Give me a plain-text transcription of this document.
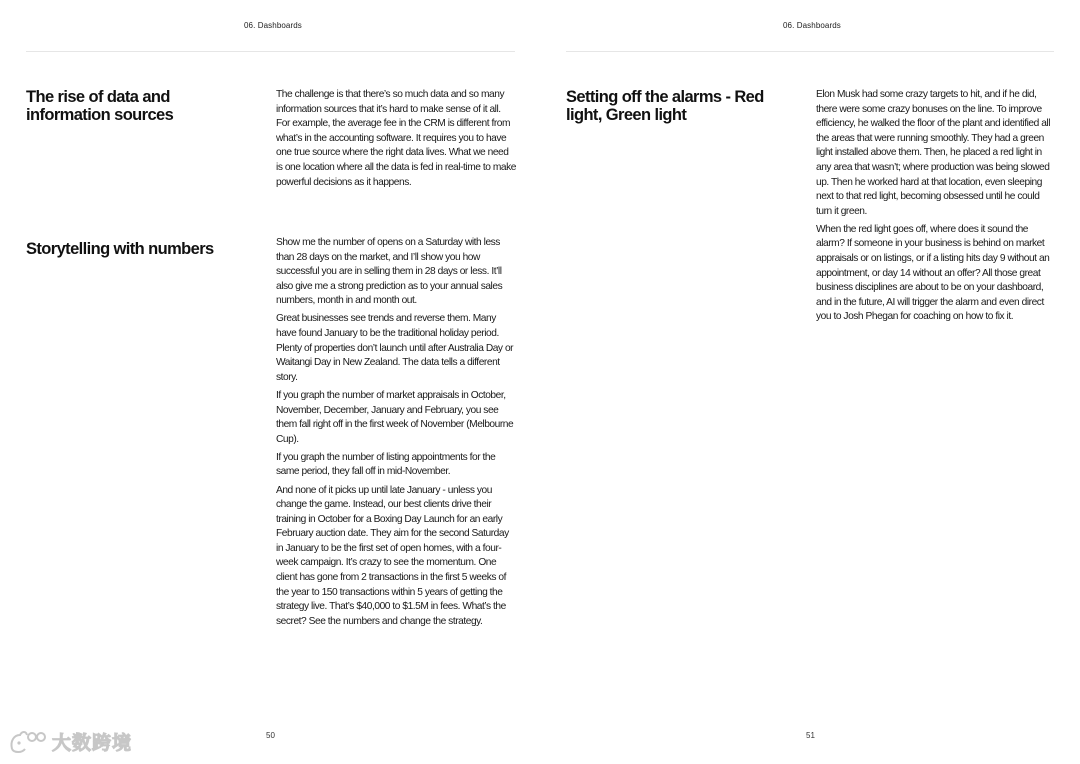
06. Dashboards
The rise of data and information sources

The challenge is that there’s so much data and so many information sources that it’s hard to make sense of it all. For example, the average fee in the CRM is different from what’s in the accounting software. It requires you to have one true source where the right data lives. What we need is one location where all the data is fed in real-time to make powerful decisions as it happens.

Storytelling with numbers	Show me the number of opens on a Saturday with less than 28 days on the market, and I’ll show you how successful you are in selling them in 28 days or less. It’ll also give me a strong prediction as to your annual sales numbers, month in and month out.

Great businesses see trends and reverse them. Many have found January to be the traditional holiday period. Plenty of properties don’t launch until after Australia Day or Waitangi Day in New Zealand. The data tells a different story.

If you graph the number of market appraisals in October, November, December, January and February, you see them fall right off in the first week of November (Melbourne Cup).

If you graph the number of listing appointments for the same period, they fall off in mid-November.

And none of it picks up until late January - unless you change the game. Instead, our best clients drive their training in October for a Boxing Day Launch for an early February auction date. They aim for the second Saturday in January to be the first set of open homes, with a four-week campaign. It’s crazy to see the momentum. One client has gone from 2 transactions in the first 5 weeks of the year to 150 transactions within 5 years of getting the strategy live. That’s $40,000 to $1.5M in fees. What’s the secret? See the numbers and change the strategy.

50
06. Dashboards
Setting off the alarms - Red light, Green light

Elon Musk had some crazy targets to hit, and if he did, there were some crazy bonuses on the line. To improve efficiency, he walked the floor of the plant and identified all the areas that were running smoothly. They had a green light installed above them. Then, he placed a red light in any area that wasn’t; where production was being slowed up. Then he worked hard at that location, even sleeping next to that red light, becoming obsessed until he could turn it green.

When the red light goes off, where does it sound the alarm? If someone in your business is behind on market appraisals or on listings, or if a listing hits day 9 without an appointment, or day 14 without an offer? All those great business disciplines are about to be on your dashboard, and in the future, AI will trigger the alarm and even direct you to Josh Phegan for coaching on how to fix it.

51
大数跨境
